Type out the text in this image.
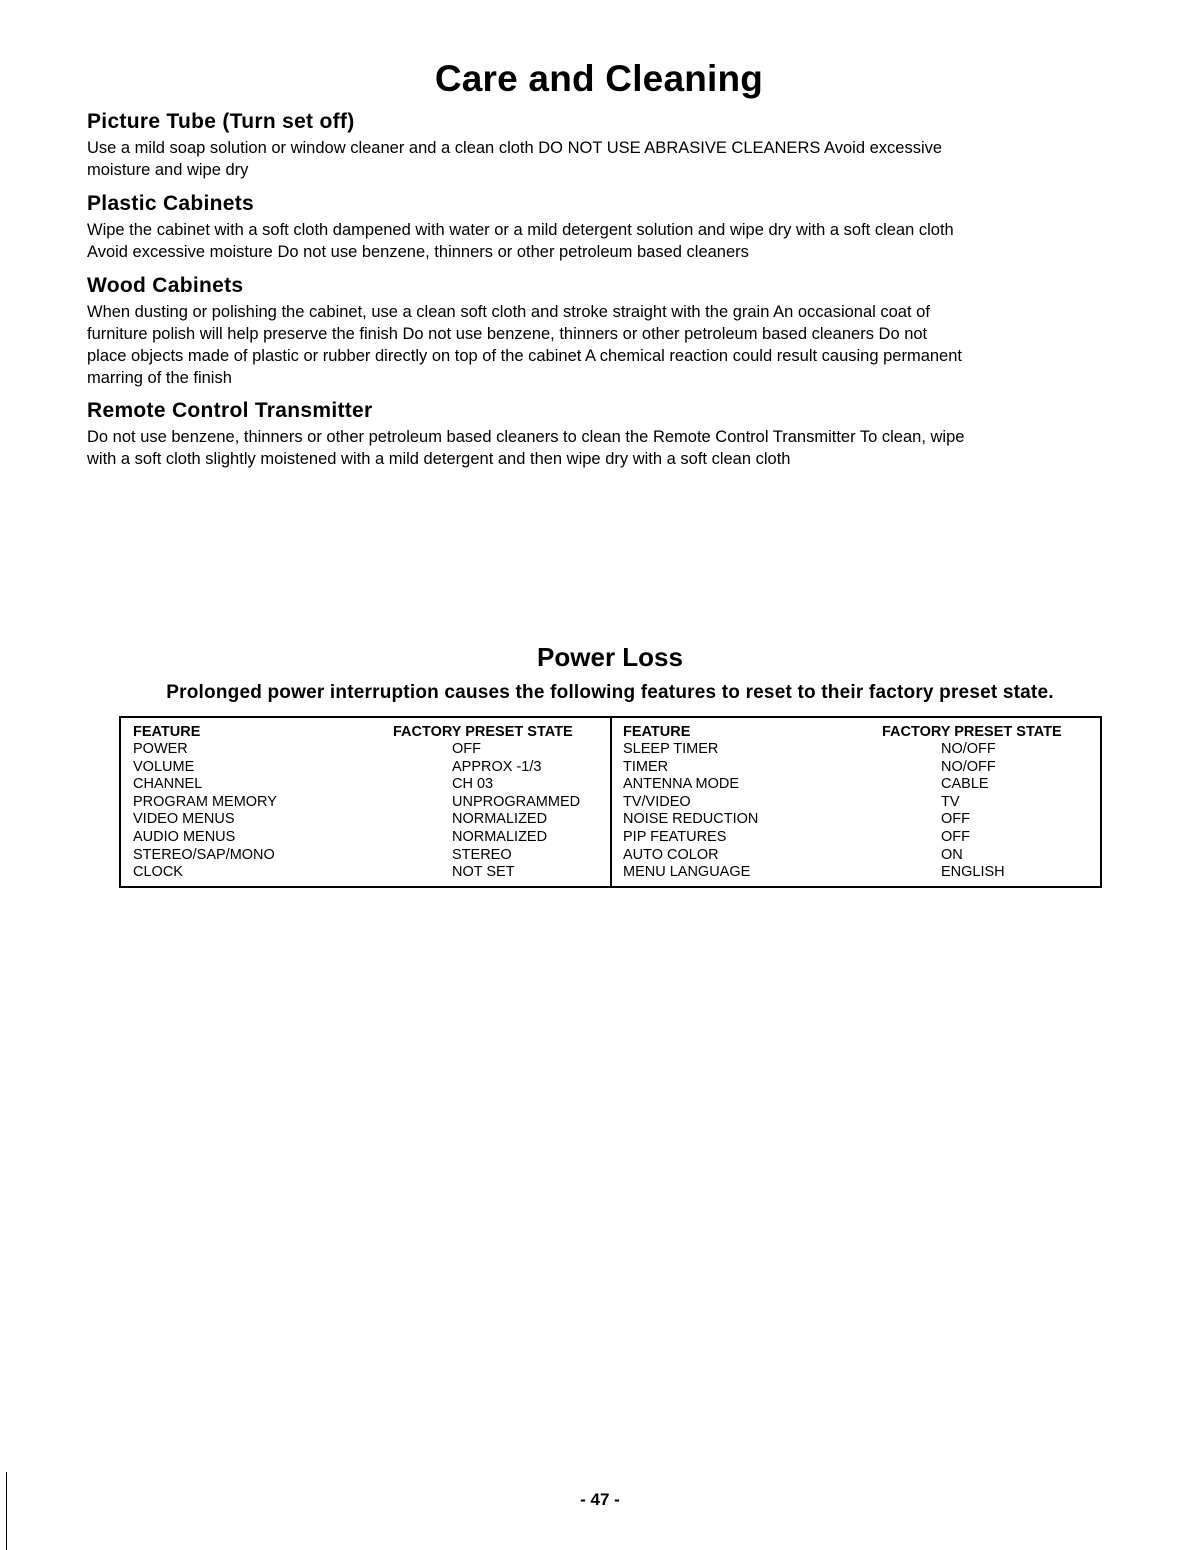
Care and Cleaning
Picture Tube (Turn set off)

Use a mild soap solution or window cleaner and a clean cloth DO NOT USE ABRASIVE CLEANERS Avoid excessive
moisture and wipe dry

Plastic Cabinets

Wipe the cabinet with a soft cloth dampened with water or a mild detergent solution and wipe dry with a soft clean cloth
Avoid excessive moisture Do not use benzene, thinners or other petroleum based cleaners

Wood Cabinets

When dusting or polishing the cabinet, use a clean soft cloth and stroke straight with the grain An occasional coat of
furniture polish will help preserve the finish Do not use benzene, thinners or other petroleum based cleaners Do not
place objects made of plastic or rubber directly on top of the cabinet A chemical reaction could result causing permanent
marring of the finish

Remote Control Transmitter

Do not use benzene, thinners or other petroleum based cleaners to clean the Remote Control Transmitter To clean, wipe
with a soft cloth slightly moistened with a mild detergent and then wipe dry with a soft clean cloth

Power Loss
Prolonged power interruption causes the following features to reset to their factory preset state.
FEATURE	FACTORY PRESET STATE
POWER	OFF
VOLUME	APPROX -1/3
CHANNEL	CH 03
PROGRAM MEMORY	UNPROGRAMMED
VIDEO MENUS	NORMALIZED
AUDIO MENUS	NORMALIZED
STEREO/SAP/MONO	STEREO
CLOCK	NOT SET
FEATURE	FACTORY PRESET STATE
SLEEP TIMER	NO/OFF
TIMER	NO/OFF
ANTENNA MODE	CABLE
TV/VIDEO	TV
NOISE REDUCTION	OFF
PIP FEATURES	OFF
AUTO COLOR	ON
MENU LANGUAGE	ENGLISH
- 47 -
